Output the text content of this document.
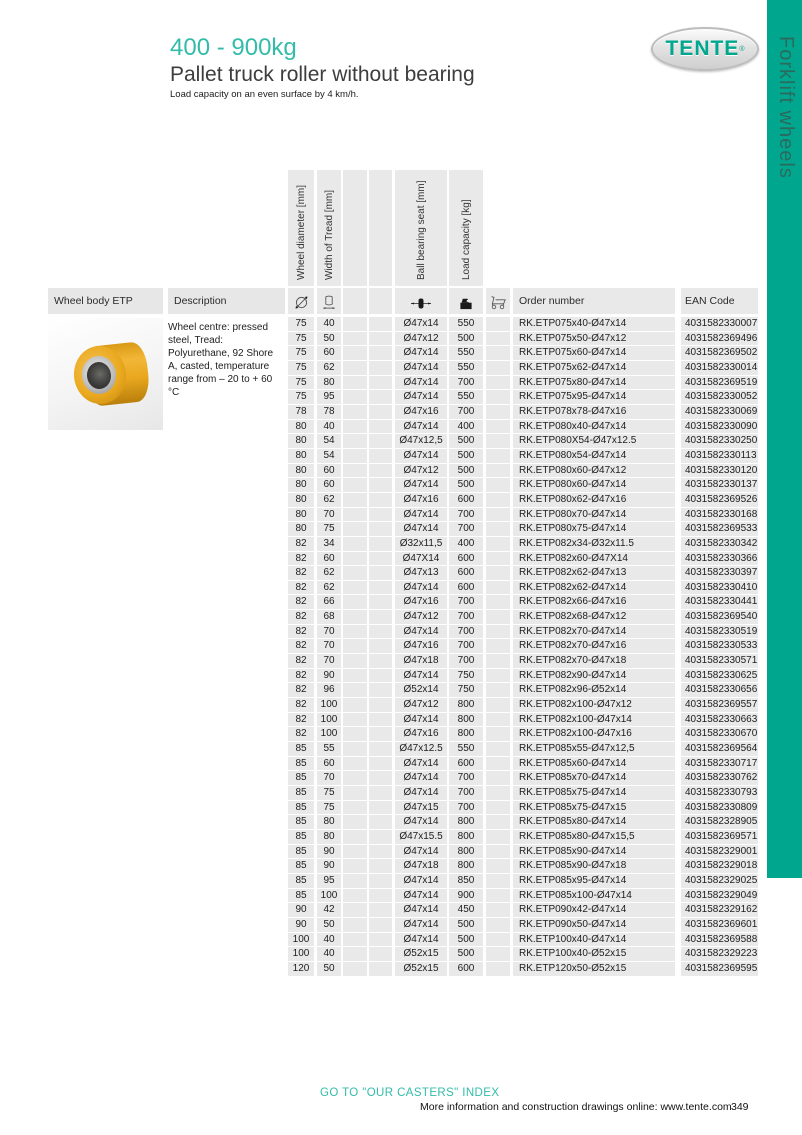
Forklift wheels
TENTE ®
400 - 900kg
Pallet truck roller without bearing
Load capacity on an even surface by 4 km/h.
Wheel diameter [mm] Width of Tread [mm]	Ball bearing seat [mm]	Load capacity [kg]
Order number	EAN Code
Wheel body ETP	Description
Wheel centre: pressed steel, Tread: Polyurethane, 92 Shore A, casted, temperature range from – 20 to + 60 °C
75	40	Ø47x14	550	RK.ETP075x40-Ø47x14	4031582330007
75	50	Ø47x12	500	RK.ETP075x50-Ø47x12	4031582369496
75	60	Ø47x14	550	RK.ETP075x60-Ø47x14	4031582369502
75	62	Ø47x14	550	RK.ETP075x62-Ø47x14	4031582330014
75	80	Ø47x14	700	RK.ETP075x80-Ø47x14	4031582369519
75	95	Ø47x14	550	RK.ETP075x95-Ø47x14	4031582330052
78	78	Ø47x16	700	RK.ETP078x78-Ø47x16	4031582330069
80	40	Ø47x14	400	RK.ETP080x40-Ø47x14	4031582330090
80	54	Ø47x12,5	500	RK.ETP080X54-Ø47x12.5	4031582330250
80	54	Ø47x14	500	RK.ETP080x54-Ø47x14	4031582330113
80	60	Ø47x12	500	RK.ETP080x60-Ø47x12	4031582330120
80	60	Ø47x14	500	RK.ETP080x60-Ø47x14	4031582330137
80	62	Ø47x16	600	RK.ETP080x62-Ø47x16	4031582369526
80	70	Ø47x14	700	RK.ETP080x70-Ø47x14	4031582330168
80	75	Ø47x14	700	RK.ETP080x75-Ø47x14	4031582369533
82	34	Ø32x11,5	400	RK.ETP082x34-Ø32x11.5	4031582330342
82	60	Ø47X14	600	RK.ETP082x60-Ø47X14	4031582330366
82	62	Ø47x13	600	RK.ETP082x62-Ø47x13	4031582330397
82	62	Ø47x14	600	RK.ETP082x62-Ø47x14	4031582330410
82	66	Ø47x16	700	RK.ETP082x66-Ø47x16	4031582330441
82	68	Ø47x12	700	RK.ETP082x68-Ø47x12	4031582369540
82	70	Ø47x14	700	RK.ETP082x70-Ø47x14	4031582330519
82	70	Ø47x16	700	RK.ETP082x70-Ø47x16	4031582330533
82	70	Ø47x18	700	RK.ETP082x70-Ø47x18	4031582330571
82	90	Ø47x14	750	RK.ETP082x90-Ø47x14	4031582330625
82	96	Ø52x14	750	RK.ETP082x96-Ø52x14	4031582330656
82	100	Ø47x12	800	RK.ETP082x100-Ø47x12	4031582369557
82	100	Ø47x14	800	RK.ETP082x100-Ø47x14	4031582330663
82	100	Ø47x16	800	RK.ETP082x100-Ø47x16	4031582330670
85	55	Ø47x12.5	550	RK.ETP085x55-Ø47x12,5	4031582369564
85	60	Ø47x14	600	RK.ETP085x60-Ø47x14	4031582330717
85	70	Ø47x14	700	RK.ETP085x70-Ø47x14	4031582330762
85	75	Ø47x14	700	RK.ETP085x75-Ø47x14	4031582330793
85	75	Ø47x15	700	RK.ETP085x75-Ø47x15	4031582330809
85	80	Ø47x14	800	RK.ETP085x80-Ø47x14	4031582328905
85	80	Ø47x15.5	800	RK.ETP085x80-Ø47x15,5	4031582369571
85	90	Ø47x14	800	RK.ETP085x90-Ø47x14	4031582329001
85	90	Ø47x18	800	RK.ETP085x90-Ø47x18	4031582329018
85	95	Ø47x14	850	RK.ETP085x95-Ø47x14	4031582329025
85	100	Ø47x14	900	RK.ETP085x100-Ø47x14	4031582329049
90	42	Ø47x14	450	RK.ETP090x42-Ø47x14	4031582329162
90	50	Ø47x14	500	RK.ETP090x50-Ø47x14	4031582369601
100	40	Ø47x14	500	RK.ETP100x40-Ø47x14	4031582369588
100	40	Ø52x15	500	RK.ETP100x40-Ø52x15	4031582329223
120	50	Ø52x15	600	RK.ETP120x50-Ø52x15	4031582369595
GO TO "OUR CASTERS" INDEX
More information and construction drawings online: www.tente.com 349
